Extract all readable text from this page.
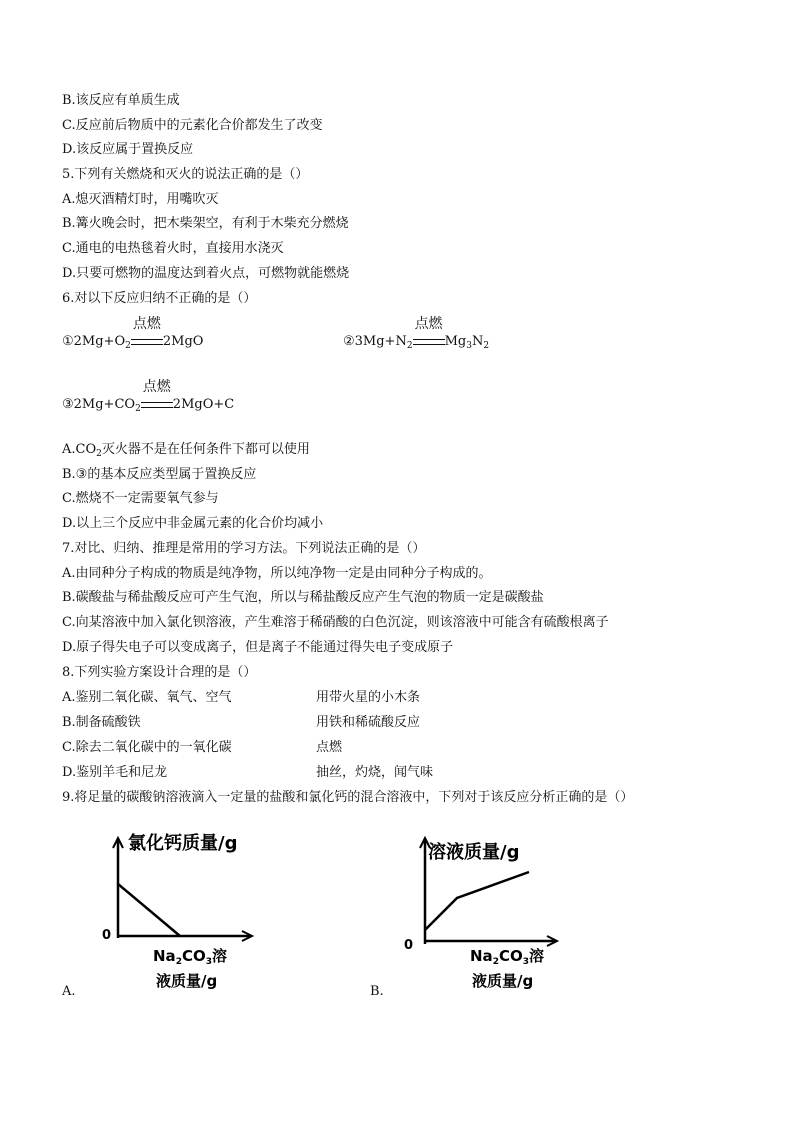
B.该反应有单质生成
C.反应前后物质中的元素化合价都发生了改变
D.该反应属于置换反应
5.下列有关燃烧和灭火的说法正确的是（）
A.熄灭酒精灯时，用嘴吹灭
B.篝火晚会时，把木柴架空，有利于木柴充分燃烧
C.通电的电热毯着火时，直接用水浇灭
D.只要可燃物的温度达到着火点，可燃物就能燃烧
6.对以下反应归纳不正确的是（）
$①2Mg+O_2$
点燃
2MgO	$②3Mg+N_2$
点燃
$Mg_3N_2$
$③2Mg+CO_2$
点燃
2MgO+C
$A.CO_2$灭火器不是在任何条件下都可以使用
B.③的基本反应类型属于置换反应
C.燃烧不一定需要氧气参与
D.以上三个反应中非金属元素的化合价均减小
7.对比、归纳、推理是常用的学习方法。下列说法正确的是（）
A.由同种分子构成的物质是纯净物，所以纯净物一定是由同种分子构成的。
B.碳酸盐与稀盐酸反应可产生气泡，所以与稀盐酸反应产生气泡的物质一定是碳酸盐
C.向某溶液中加入氯化钡溶液，产生难溶于稀硝酸的白色沉淀，则该溶液中可能含有硫酸根离子
D.原子得失电子可以变成离子，但是离子不能通过得失电子变成原子
8.下列实验方案设计合理的是（）
A.鉴别二氧化碳、氧气、空气	用带火星的小木条
B.制备硫酸铁	用铁和稀硫酸反应
C.除去二氧化碳中的一氧化碳	点燃
D.鉴别羊毛和尼龙	抽丝，灼烧，闻气味
9.将足量的碳酸钠溶液滴入一定量的盐酸和氯化钙的混合溶液中，下列对于该反应分析正确的是（）
A.
氯化钙质量/g
0
$Na_2CO_3$溶
液质量/g
B.
溶液质量/g
0
$Na_2CO_3$溶
液质量/g
